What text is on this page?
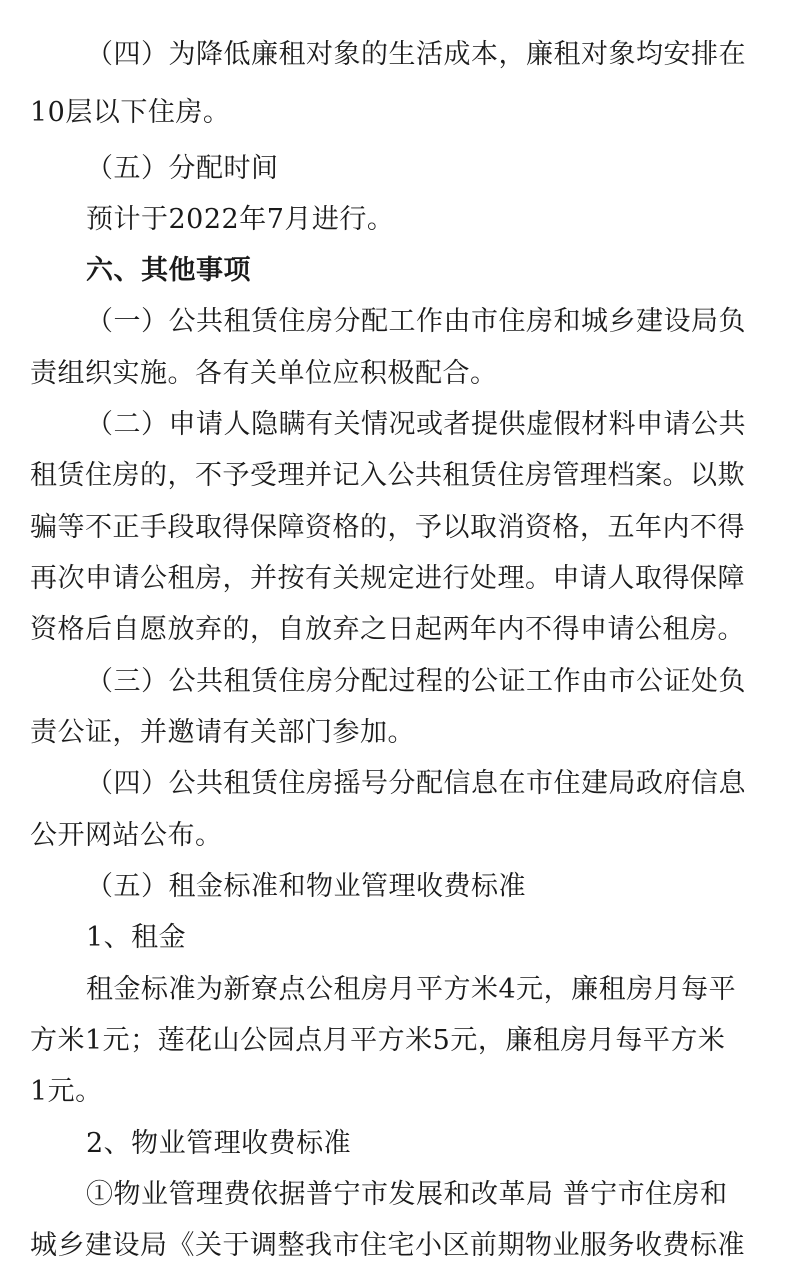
（四）为降低廉租对象的生活成本，廉租对象均安排在
10层以下住房。
（五）分配时间
预计于2022年7月进行。
六、其他事项
（一）公共租赁住房分配工作由市住房和城乡建设局负
责组织实施。各有关单位应积极配合。
（二）申请人隐瞒有关情况或者提供虚假材料申请公共
租赁住房的，不予受理并记入公共租赁住房管理档案。以欺
骗等不正手段取得保障资格的，予以取消资格，五年内不得
再次申请公租房，并按有关规定进行处理。申请人取得保障
资格后自愿放弃的，自放弃之日起两年内不得申请公租房。
（三）公共租赁住房分配过程的公证工作由市公证处负
责公证，并邀请有关部门参加。
（四）公共租赁住房摇号分配信息在市住建局政府信息
公开网站公布。
（五）租金标准和物业管理收费标准
1、租金
租金标准为新寮点公租房月平方米4元，廉租房月每平
方米1元；莲花山公园点月平方米5元，廉租房月每平方米
1元。
2、物业管理收费标准
①物业管理费依据普宁市发展和改革局 普宁市住房和
城乡建设局《关于调整我市住宅小区前期物业服务收费标准
